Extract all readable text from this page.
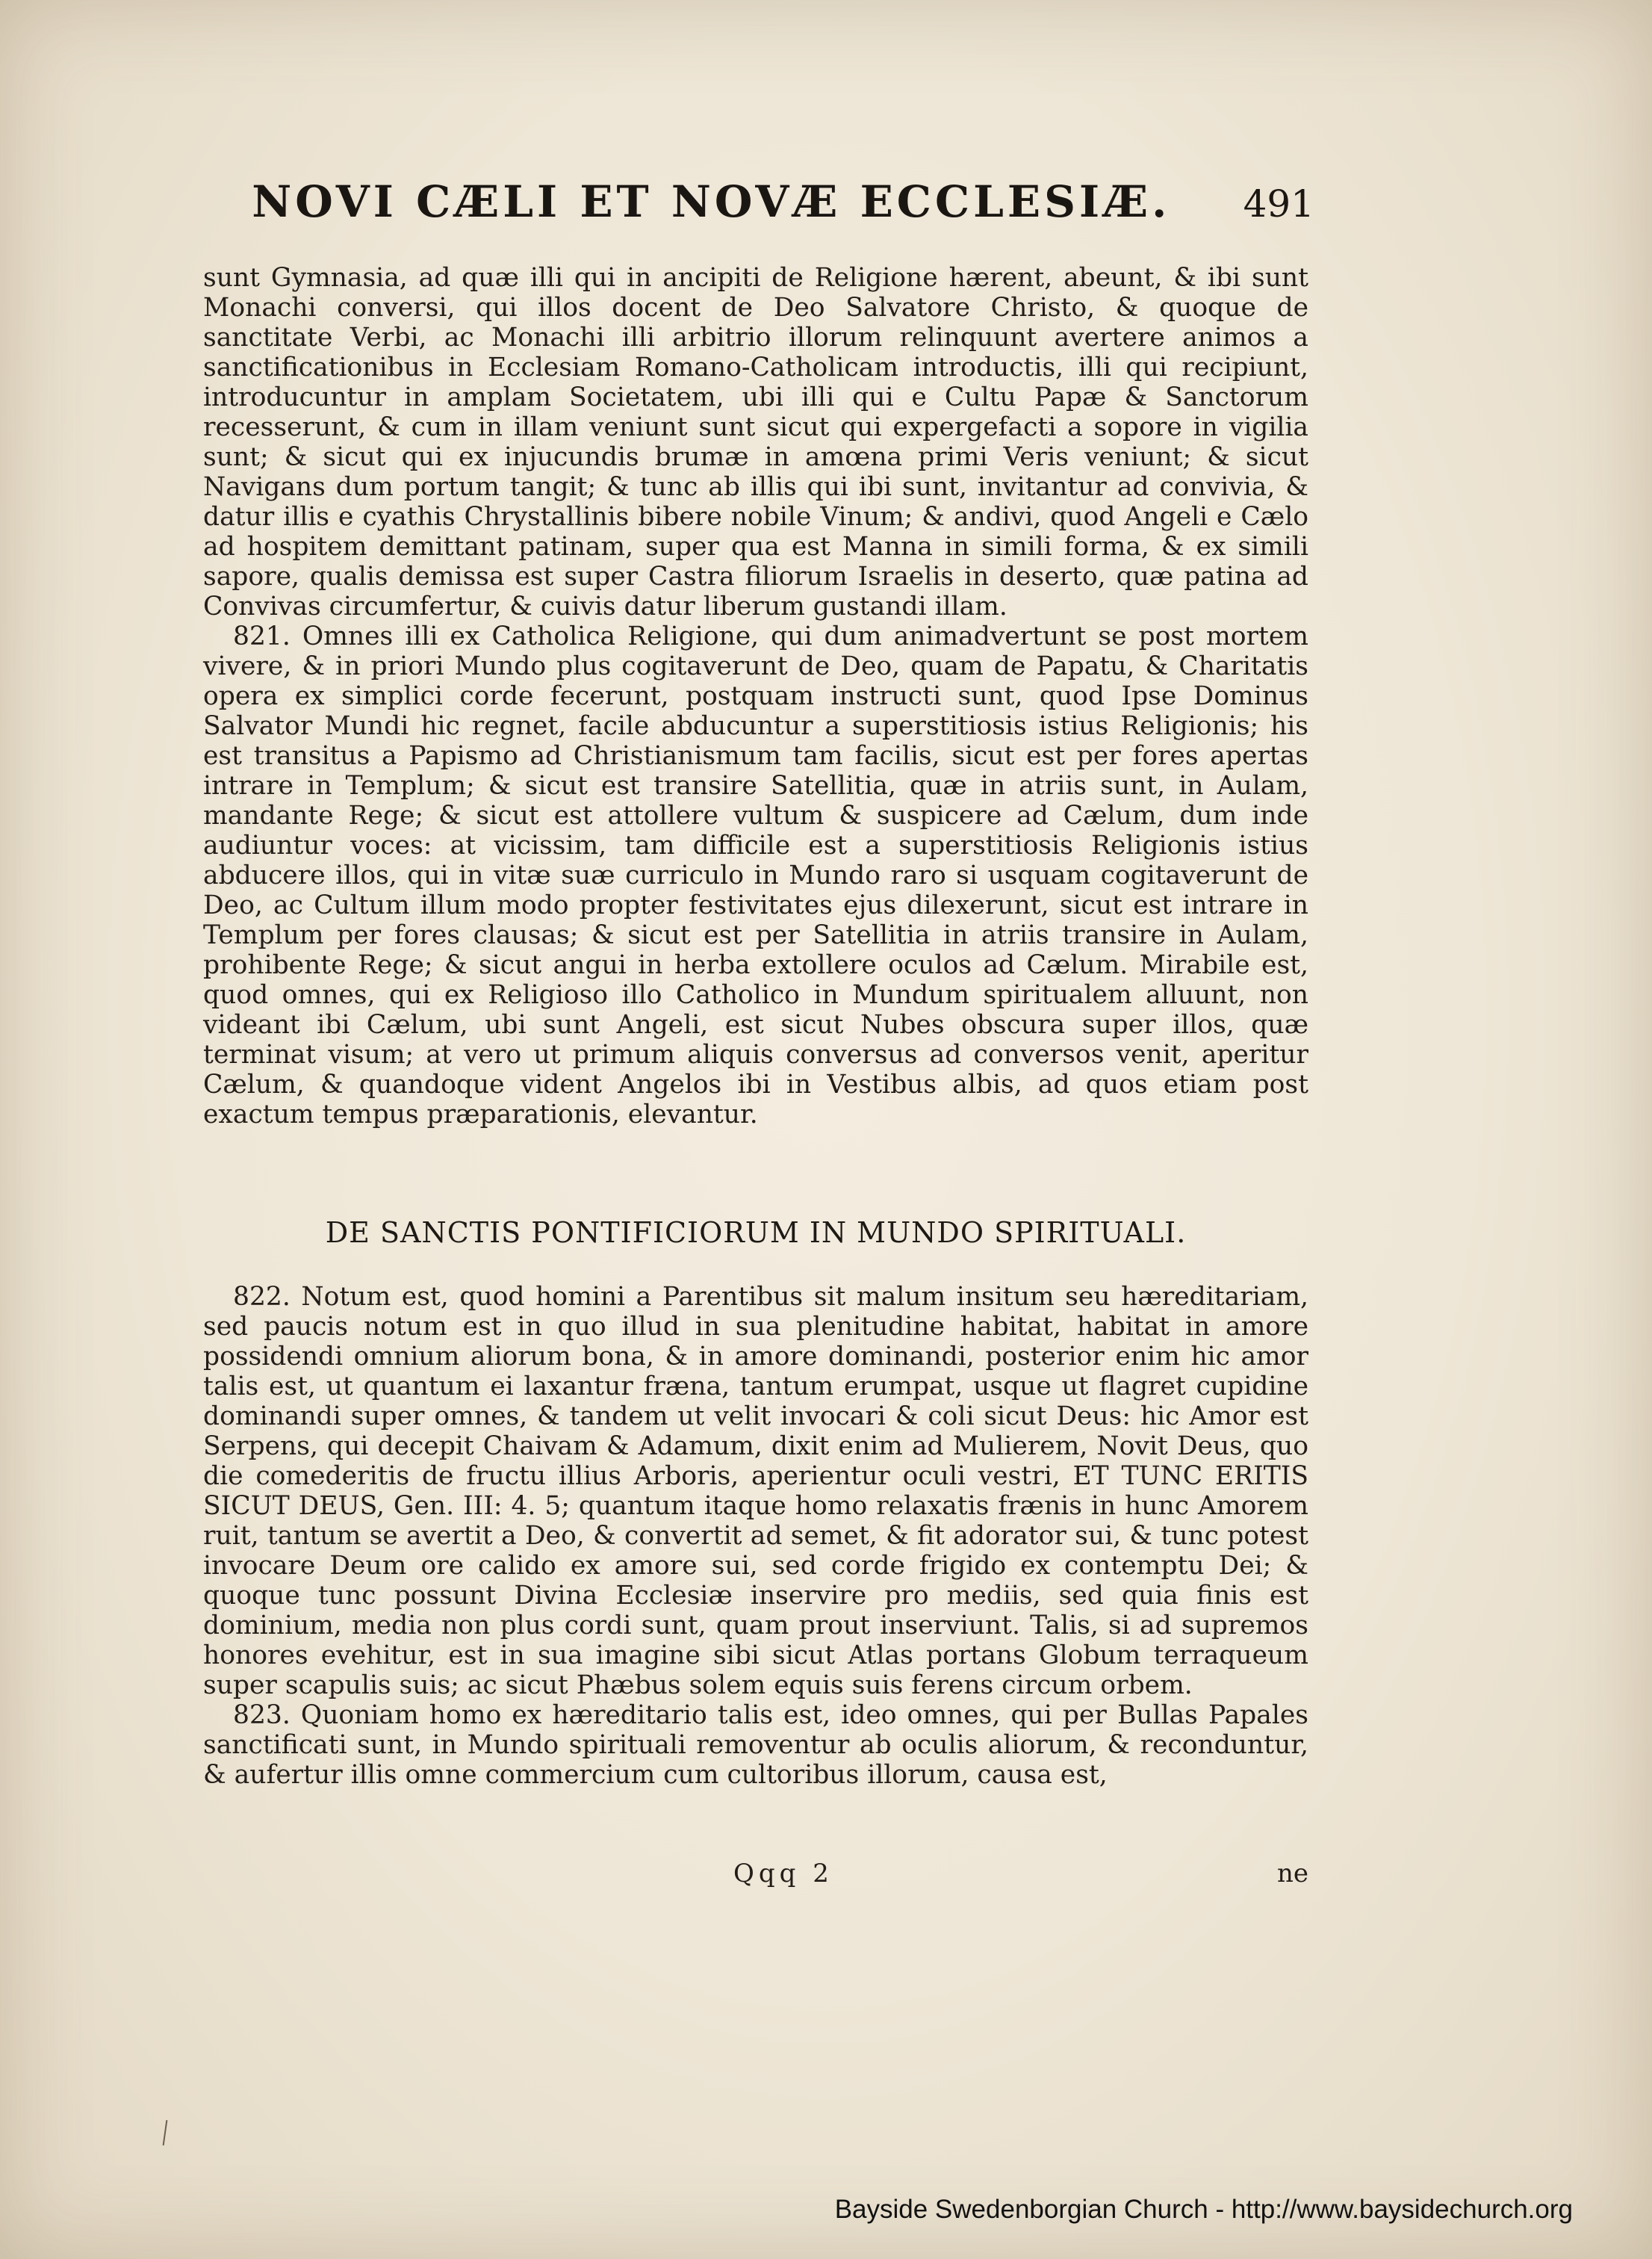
NOVI CÆLI ET NOVÆ ECCLESIÆ.	491

sunt Gymnasia, ad quæ illi qui in ancipiti de Religione hærent, abeunt, & ibi sunt Monachi conversi, qui illos docent de Deo Salvatore Christo, & quoque de sanctitate Verbi, ac Monachi illi arbitrio illorum relinquunt avertere animos a sanctificationibus in Ecclesiam Romano-Catholicam introductis, illi qui recipiunt, introducuntur in amplam Societatem, ubi illi qui e Cultu Papæ & Sanctorum recesserunt, & cum in illam veniunt sunt sicut qui expergefacti a sopore in vigilia sunt; & sicut qui ex injucundis brumæ in amœna primi Veris veniunt; & sicut Navigans dum portum tangit; & tunc ab illis qui ibi sunt, invitantur ad convivia, & datur illis e cyathis Chrystallinis bibere nobile Vinum; & andivi, quod Angeli e Cælo ad hospitem demittant patinam, super qua est Manna in simili forma, & ex simili sapore, qualis demissa est super Castra filiorum Israelis in deserto, quæ patina ad Convivas circumfertur, & cuivis datur liberum gustandi illam.

821. Omnes illi ex Catholica Religione, qui dum animadvertunt se post mortem vivere, & in priori Mundo plus cogitaverunt de Deo, quam de Papatu, & Charitatis opera ex simplici corde fecerunt, postquam instructi sunt, quod Ipse Dominus Salvator Mundi hic regnet, facile abducuntur a superstitiosis istius Religionis; his est transitus a Papismo ad Christianismum tam facilis, sicut est per fores apertas intrare in Templum; & sicut est transire Satellitia, quæ in atriis sunt, in Aulam, mandante Rege; & sicut est attollere vultum & suspicere ad Cælum, dum inde audiuntur voces: at vicissim, tam difficile est a superstitiosis Religionis istius abducere illos, qui in vitæ suæ curriculo in Mundo raro si usquam cogitaverunt de Deo, ac Cultum illum modo propter festivitates ejus dilexerunt, sicut est intrare in Templum per fores clausas; & sicut est per Satellitia in atriis transire in Aulam, prohibente Rege; & sicut angui in herba extollere oculos ad Cælum. Mirabile est, quod omnes, qui ex Religioso illo Catholico in Mundum spiritualem alluunt, non videant ibi Cælum, ubi sunt Angeli, est sicut Nubes obscura super illos, quæ terminat visum; at vero ut primum aliquis conversus ad conversos venit, aperitur Cælum, & quandoque vident Angelos ibi in Vestibus albis, ad quos etiam post exactum tempus præparationis, elevantur.

DE SANCTIS PONTIFICIORUM IN MUNDO SPIRITUALI.

822. Notum est, quod homini a Parentibus sit malum insitum seu hæreditariam, sed paucis notum est in quo illud in sua plenitudine habitat, habitat in amore possidendi omnium aliorum bona, & in amore dominandi, posterior enim hic amor talis est, ut quantum ei laxantur fræna, tantum erumpat, usque ut flagret cupidine dominandi super omnes, & tandem ut velit invocari & coli sicut Deus: hic Amor est Serpens, qui decepit Chaivam & Adamum, dixit enim ad Mulierem, Novit Deus, quo die comederitis de fructu illius Arboris, aperientur oculi vestri, ET TUNC ERITIS SICUT DEUS, Gen. III: 4. 5; quantum itaque homo relaxatis frænis in hunc Amorem ruit, tantum se avertit a Deo, & convertit ad semet, & fit adorator sui, & tunc potest invocare Deum ore calido ex amore sui, sed corde frigido ex contemptu Dei; & quoque tunc possunt Divina Ecclesiæ inservire pro mediis, sed quia finis est dominium, media non plus cordi sunt, quam prout inserviunt. Talis, si ad supremos honores evehitur, est in sua imagine sibi sicut Atlas portans Globum terraqueum super scapulis suis; ac sicut Phæbus solem equis suis ferens circum orbem.

823. Quoniam homo ex hæreditario talis est, ideo omnes, qui per Bullas Papales sanctificati sunt, in Mundo spirituali removentur ab oculis aliorum, & reconduntur, & aufertur illis omne commercium cum cultoribus illorum, causa est,

Qqq 2	ne
Bayside Swedenborgian Church - http://www.baysidechurch.org
